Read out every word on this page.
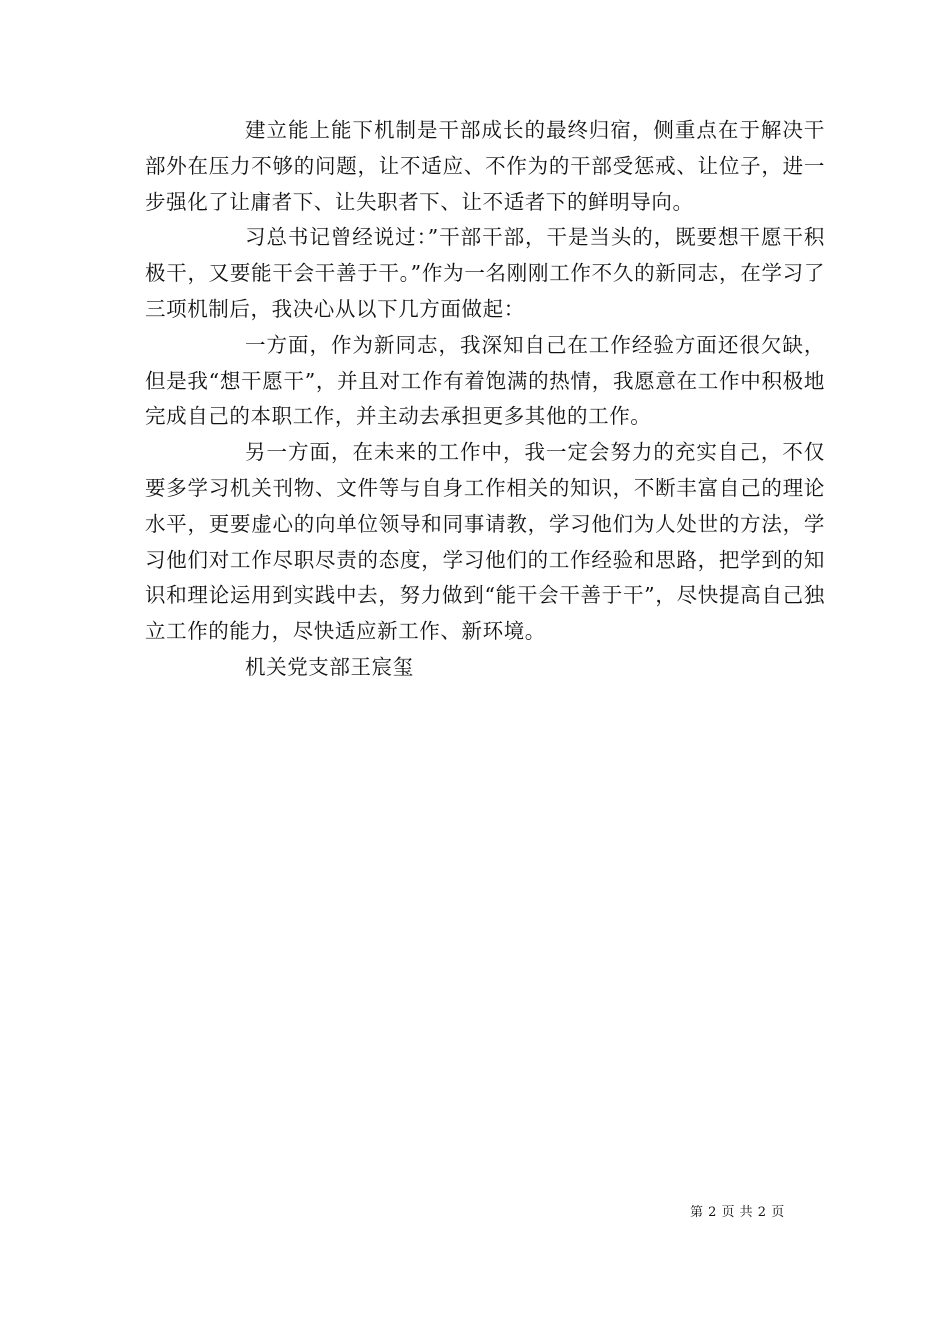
建立能上能下机制是干部成长的最终归宿，侧重点在于解决干部外在压力不够的问题，让不适应、不作为的干部受惩戒、让位子，进一步强化了让庸者下、让失职者下、让不适者下的鲜明导向。

习总书记曾经说过：”干部干部，干是当头的，既要想干愿干积极干，又要能干会干善于干。”作为一名刚刚工作不久的新同志，在学习了三项机制后，我决心从以下几方面做起：

一方面，作为新同志，我深知自己在工作经验方面还很欠缺，但是我“想干愿干”，并且对工作有着饱满的热情，我愿意在工作中积极地完成自己的本职工作，并主动去承担更多其他的工作。

另一方面，在未来的工作中，我一定会努力的充实自己，不仅要多学习机关刊物、文件等与自身工作相关的知识，不断丰富自己的理论水平，更要虚心的向单位领导和同事请教，学习他们为人处世的方法，学习他们对工作尽职尽责的态度，学习他们的工作经验和思路，把学到的知识和理论运用到实践中去，努力做到“能干会干善于干”，尽快提高自己独立工作的能力，尽快适应新工作、新环境。

机关党支部王宸玺

第 2 页 共 2 页
